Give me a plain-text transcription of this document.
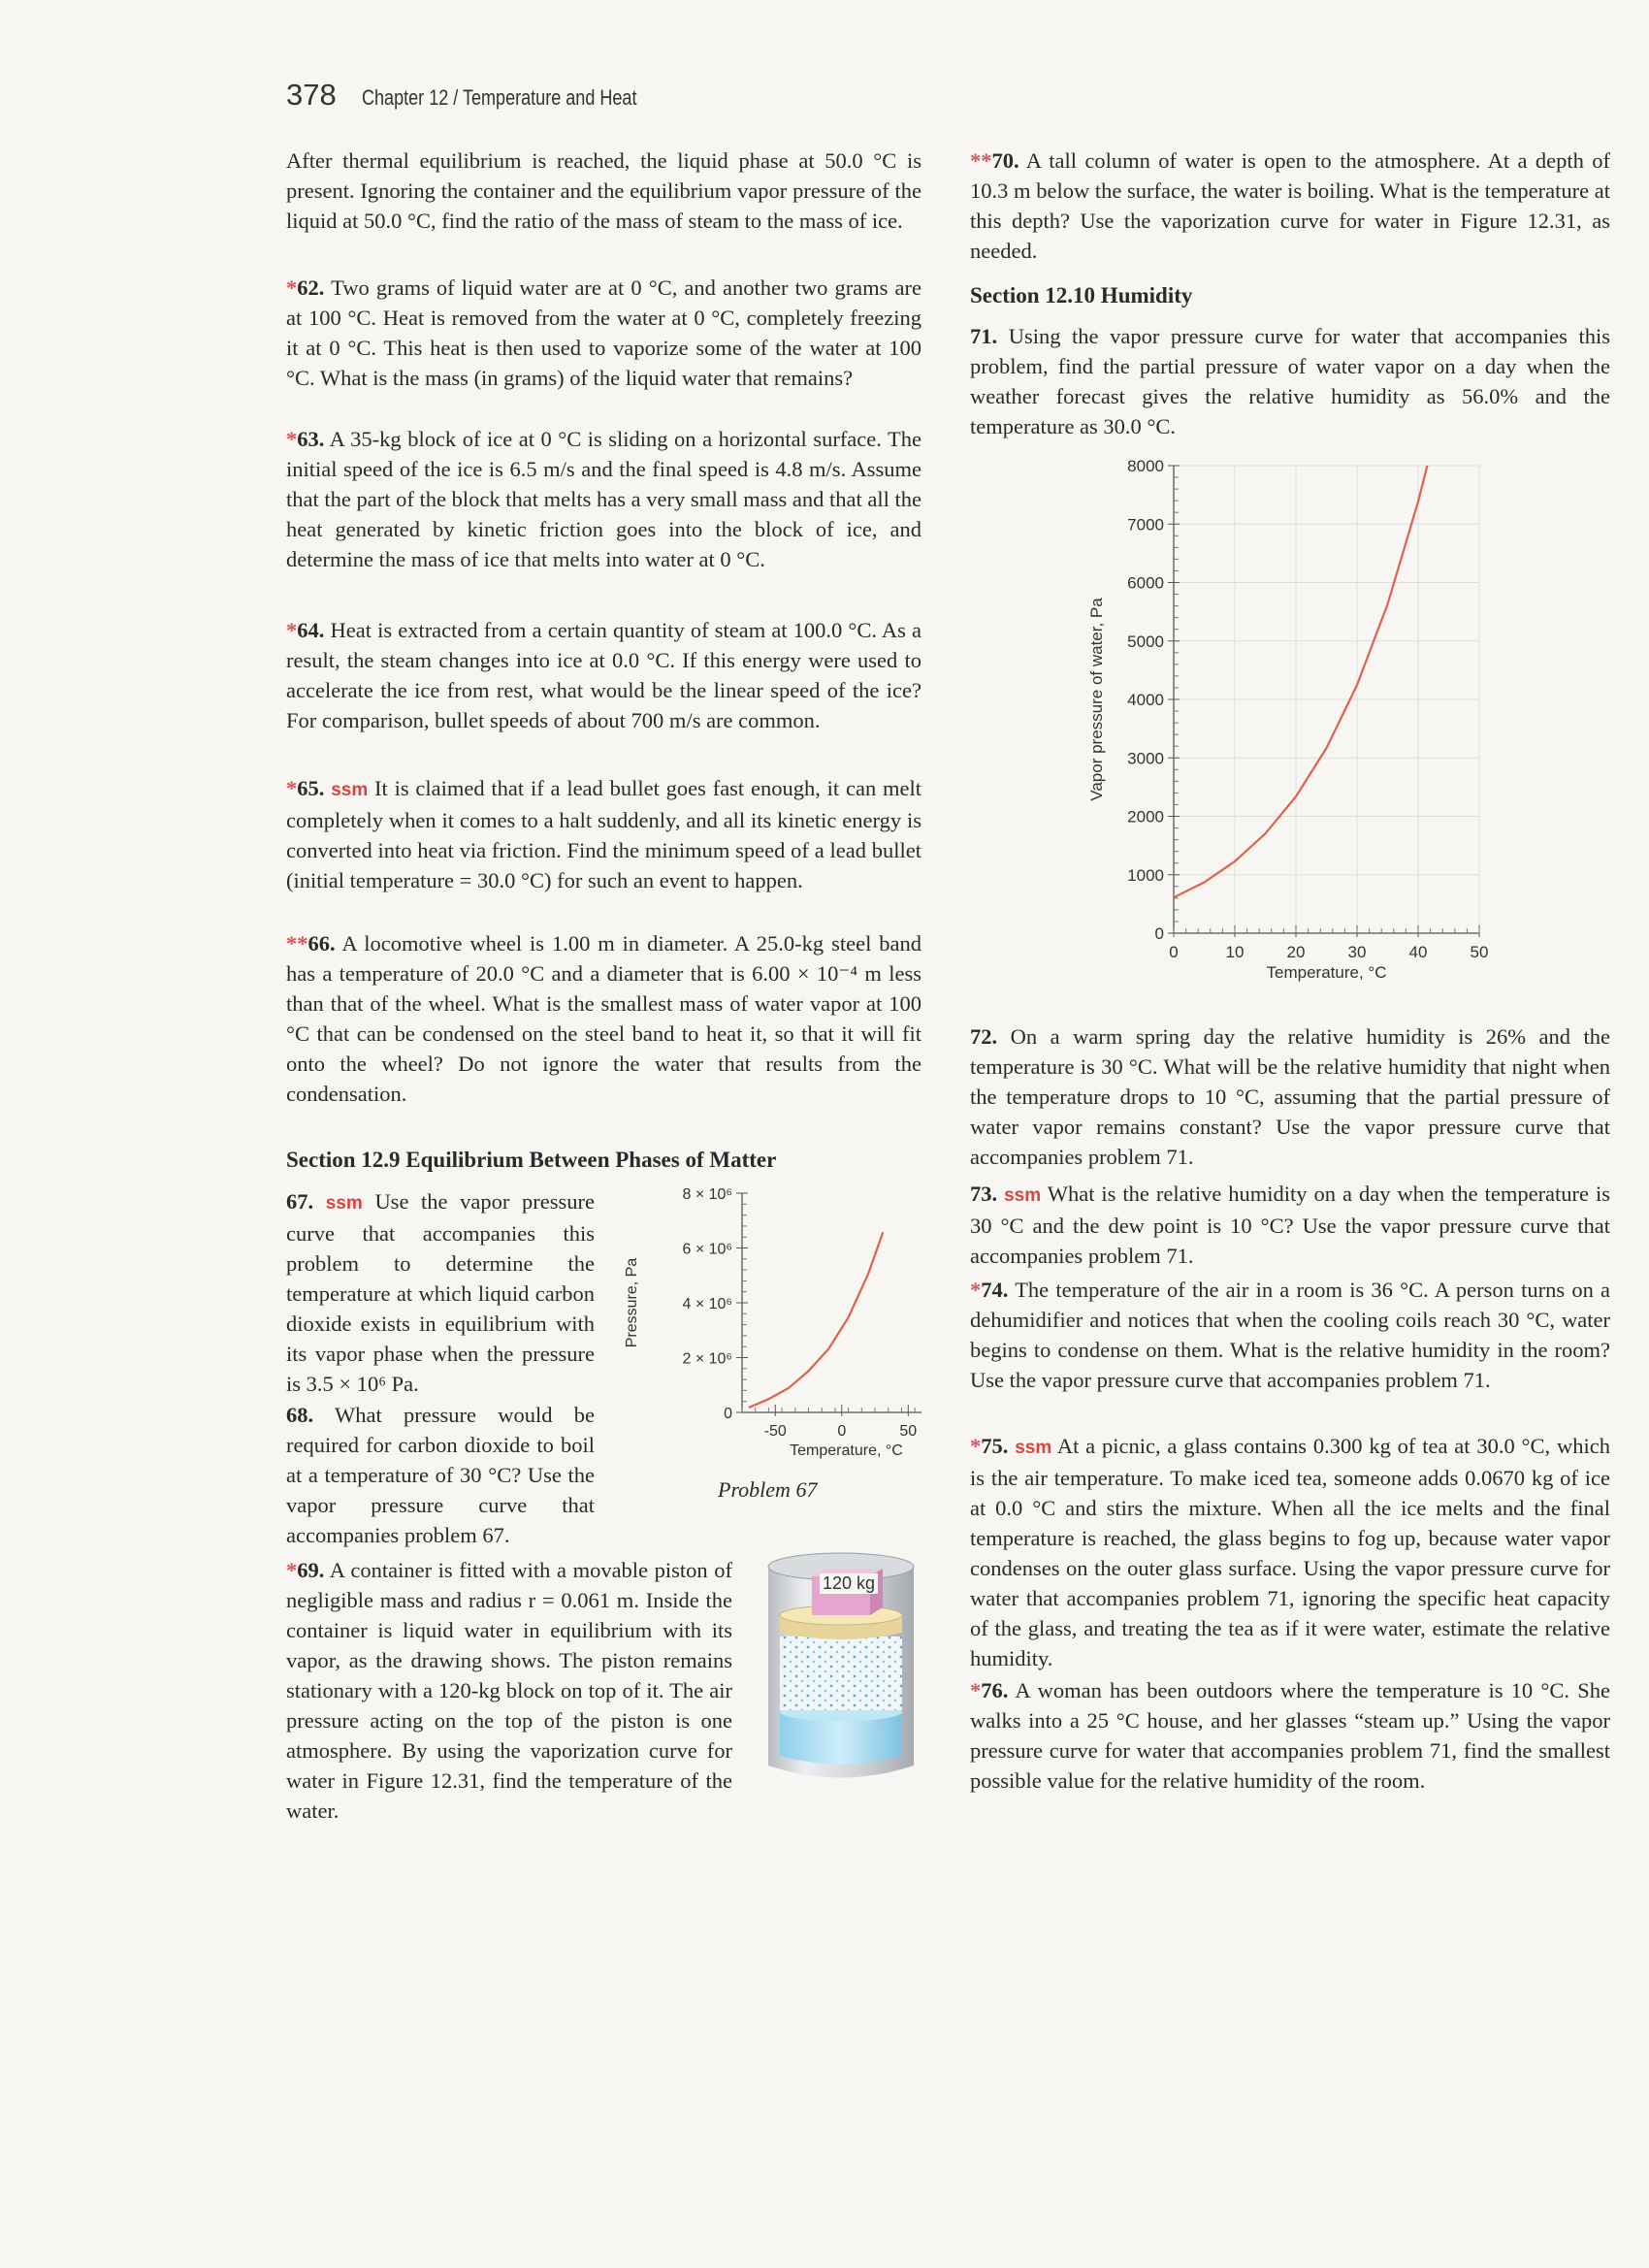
378 Chapter 12 / Temperature and Heat
After thermal equilibrium is reached, the liquid phase at 50.0 °C is present. Ignoring the container and the equilibrium vapor pressure of the liquid at 50.0 °C, find the ratio of the mass of steam to the mass of ice.
*62. Two grams of liquid water are at 0 °C, and another two grams are at 100 °C. Heat is removed from the water at 0 °C, completely freezing it at 0 °C. This heat is then used to vaporize some of the water at 100 °C. What is the mass (in grams) of the liquid water that remains?
*63. A 35-kg block of ice at 0 °C is sliding on a horizontal surface. The initial speed of the ice is 6.5 m/s and the final speed is 4.8 m/s. Assume that the part of the block that melts has a very small mass and that all the heat generated by kinetic friction goes into the block of ice, and determine the mass of ice that melts into water at 0 °C.
*64. Heat is extracted from a certain quantity of steam at 100.0 °C. As a result, the steam changes into ice at 0.0 °C. If this energy were used to accelerate the ice from rest, what would be the linear speed of the ice? For comparison, bullet speeds of about 700 m/s are common.
*65. ssm It is claimed that if a lead bullet goes fast enough, it can melt completely when it comes to a halt suddenly, and all its kinetic energy is converted into heat via friction. Find the minimum speed of a lead bullet (initial temperature = 30.0 °C) for such an event to happen.
**66. A locomotive wheel is 1.00 m in diameter. A 25.0-kg steel band has a temperature of 20.0 °C and a diameter that is 6.00 × 10⁻⁴ m less than that of the wheel. What is the smallest mass of water vapor at 100 °C that can be condensed on the steel band to heat it, so that it will fit onto the wheel? Do not ignore the water that results from the condensation.
Section 12.9 Equilibrium Between Phases of Matter
67. ssm Use the vapor pressure curve that accompanies this problem to determine the temperature at which liquid carbon dioxide exists in equilibrium with its vapor phase when the pressure is 3.5 × 10⁶ Pa.
68. What pressure would be required for carbon dioxide to boil at a temperature of 30 °C? Use the vapor pressure curve that accompanies problem 67.
*69. A container is fitted with a movable piston of negligible mass and radius r = 0.061 m. Inside the container is liquid water in equilibrium with its vapor, as the drawing shows. The piston remains stationary with a 120-kg block on top of it. The air pressure acting on the top of the piston is one atmosphere. By using the vaporization curve for water in Figure 12.31, find the temperature of the water.
0
2 × 10⁶
4 × 10⁶
6 × 10⁶
8 × 10⁶
-50	0	50
Temperature, °C
Pressure, Pa
Problem 67
120 kg
**70. A tall column of water is open to the atmosphere. At a depth of 10.3 m below the surface, the water is boiling. What is the temperature at this depth? Use the vaporization curve for water in Figure 12.31, as needed.
Section 12.10 Humidity
71. Using the vapor pressure curve for water that accompanies this problem, find the partial pressure of water vapor on a day when the weather forecast gives the relative humidity as 56.0% and the temperature as 30.0 °C.
0
1000
2000
3000
4000
5000
6000
7000
8000
0	10	20	30	40	50
Temperature, °C
Vapor pressure of water, Pa
72. On a warm spring day the relative humidity is 26% and the temperature is 30 °C. What will be the relative humidity that night when the temperature drops to 10 °C, assuming that the partial pressure of water vapor remains constant? Use the vapor pressure curve that accompanies problem 71.
73. ssm What is the relative humidity on a day when the temperature is 30 °C and the dew point is 10 °C? Use the vapor pressure curve that accompanies problem 71.
*74. The temperature of the air in a room is 36 °C. A person turns on a dehumidifier and notices that when the cooling coils reach 30 °C, water begins to condense on them. What is the relative humidity in the room? Use the vapor pressure curve that accompanies problem 71.
*75. ssm At a picnic, a glass contains 0.300 kg of tea at 30.0 °C, which is the air temperature. To make iced tea, someone adds 0.0670 kg of ice at 0.0 °C and stirs the mixture. When all the ice melts and the final temperature is reached, the glass begins to fog up, because water vapor condenses on the outer glass surface. Using the vapor pressure curve for water that accompanies problem 71, ignoring the specific heat capacity of the glass, and treating the tea as if it were water, estimate the relative humidity.
*76. A woman has been outdoors where the temperature is 10 °C. She walks into a 25 °C house, and her glasses “steam up.” Using the vapor pressure curve for water that accompanies problem 71, find the smallest possible value for the relative humidity of the room.
